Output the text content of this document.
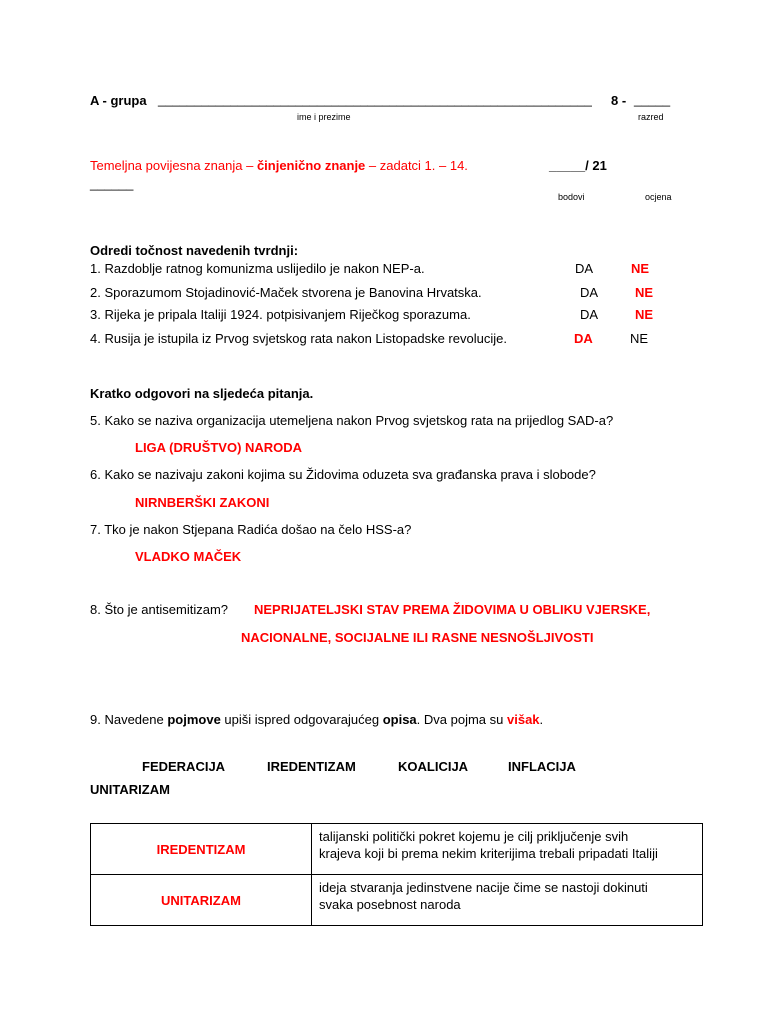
A - grupa ____________________________________________________________
ime i prezime
8 - _____
razred
Temeljna povijesna znanja – činjenično znanje – zadatci 1. – 14.	_____/ 21
______
bodovi	ocjena
Odredi točnost navedenih tvrdnji:
1. Razdoblje ratnog komunizma uslijedilo je nakon NEP-a.	DA	NE
2. Sporazumom Stojadinović-Maček stvorena je Banovina Hrvatska.	DA	NE
3. Rijeka je pripala Italiji 1924. potpisivanjem Riječkog sporazuma.	DA	NE
4. Rusija je istupila iz Prvog svjetskog rata nakon Listopadske revolucije.	DA	NE
Kratko odgovori na sljedeća pitanja.
5. Kako se naziva organizacija utemeljena nakon Prvog svjetskog rata na prijedlog SAD-a?
LIGA (DRUŠTVO) NARODA
6. Kako se nazivaju zakoni kojima su Židovima oduzeta sva građanska prava i slobode?
NIRNBERŠKI ZAKONI
7. Tko je nakon Stjepana Radića došao na čelo HSS-a?
VLADKO MAČEK
8. Što je antisemitizam? NEPRIJATELJSKI STAV PREMA ŽIDOVIMA U OBLIKU VJERSKE,
NACIONALNE, SOCIJALNE ILI RASNE NESNOŠLJIVOSTI
9. Navedene pojmove upiši ispred odgovarajućeg opisa. Dva pojma su višak.
FEDERACIJA	IREDENTIZAM	KOALICIJA	INFLACIJA
UNITARIZAM
IREDENTIZAM	talijanski politički pokret kojemu je cilj priključenje svih
krajeva koji bi prema nekim kriterijima trebali pripadati Italiji

UNITARIZAM	ideja stvaranja jedinstvene nacije čime se nastoji dokinuti
svaka posebnost naroda
